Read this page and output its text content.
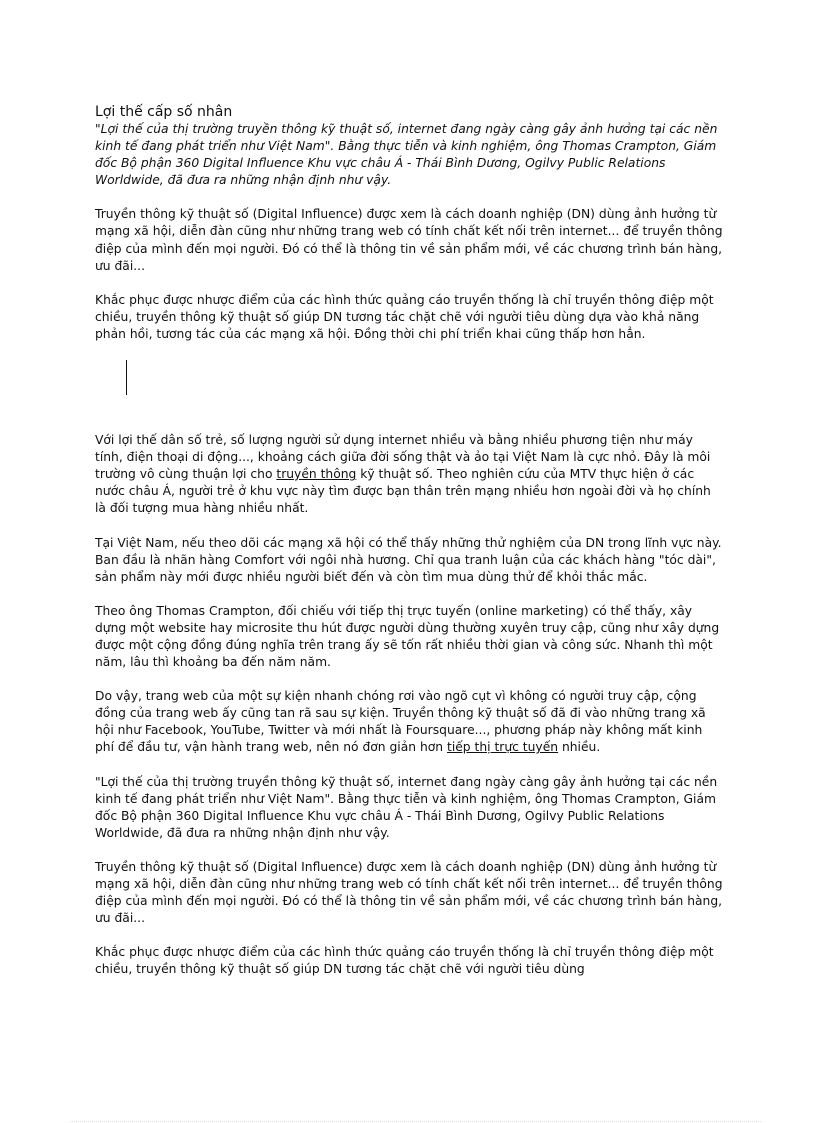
Lợi thế cấp số nhân

"Lợi thế của thị trường truyền thông kỹ thuật số, internet đang ngày càng gây ảnh hưởng tại các nền kinh tế đang phát triển như Việt Nam". Bằng thực tiễn và kinh nghiệm, ông Thomas Crampton, Giám đốc Bộ phận 360 Digital Influence Khu vực châu Á - Thái Bình Dương, Ogilvy Public Relations Worldwide, đã đưa ra những nhận định như vậy.

Truyền thông kỹ thuật số (Digital Influence) được xem là cách doanh nghiệp (DN) dùng ảnh hưởng từ mạng xã hội, diễn đàn cũng như những trang web có tính chất kết nối trên internet... để truyền thông điệp của mình đến mọi người. Đó có thể là thông tin về sản phẩm mới, về các chương trình bán hàng, ưu đãi...

Khắc phục được nhược điểm của các hình thức quảng cáo truyền thống là chỉ truyền thông điệp một chiều, truyền thông kỹ thuật số giúp DN tương tác chặt chẽ với người tiêu dùng dựa vào khả năng phản hồi, tương tác của các mạng xã hội. Đồng thời chi phí triển khai cũng thấp hơn hẳn.

Với lợi thế dân số trẻ, số lượng người sử dụng internet nhiều và bằng nhiều phương tiện như máy tính, điện thoại di động..., khoảng cách giữa đời sống thật và ảo tại Việt Nam là cực nhỏ. Đây là môi trường vô cùng thuận lợi cho truyền thông kỹ thuật số. Theo nghiên cứu của MTV thực hiện ở các nước châu Á, người trẻ ở khu vực này tìm được bạn thân trên mạng nhiều hơn ngoài đời và họ chính là đối tượng mua hàng nhiều nhất.

Tại Việt Nam, nếu theo dõi các mạng xã hội có thể thấy những thử nghiệm của DN trong lĩnh vực này. Ban đầu là nhãn hàng Comfort với ngôi nhà hương. Chỉ qua tranh luận của các khách hàng "tóc dài", sản phẩm này mới được nhiều người biết đến và còn tìm mua dùng thử để khỏi thắc mắc.

Theo ông Thomas Crampton, đối chiếu với tiếp thị trực tuyến (online marketing) có thể thấy, xây dựng một website hay microsite thu hút được người dùng thường xuyên truy cập, cũng như xây dựng được một cộng đồng đúng nghĩa trên trang ấy sẽ tốn rất nhiều thời gian và công sức. Nhanh thì một năm, lâu thì khoảng ba đến năm năm.

Do vậy, trang web của một sự kiện nhanh chóng rơi vào ngõ cụt vì không có người truy cập, cộng đồng của trang web ấy cũng tan rã sau sự kiện. Truyền thông kỹ thuật số đã đi vào những trang xã hội như Facebook, YouTube, Twitter và mới nhất là Foursquare..., phương pháp này không mất kinh phí để đầu tư, vận hành trang web, nên nó đơn giản hơn tiếp thị trực tuyến nhiều.

"Lợi thế của thị trường truyền thông kỹ thuật số, internet đang ngày càng gây ảnh hưởng tại các nền kinh tế đang phát triển như Việt Nam". Bằng thực tiễn và kinh nghiệm, ông Thomas Crampton, Giám đốc Bộ phận 360 Digital Influence Khu vực châu Á - Thái Bình Dương, Ogilvy Public Relations Worldwide, đã đưa ra những nhận định như vậy.

Truyền thông kỹ thuật số (Digital Influence) được xem là cách doanh nghiệp (DN) dùng ảnh hưởng từ mạng xã hội, diễn đàn cũng như những trang web có tính chất kết nối trên internet... để truyền thông điệp của mình đến mọi người. Đó có thể là thông tin về sản phẩm mới, về các chương trình bán hàng, ưu đãi...

Khắc phục được nhược điểm của các hình thức quảng cáo truyền thống là chỉ truyền thông điệp một chiều, truyền thông kỹ thuật số giúp DN tương tác chặt chẽ với người tiêu dùng
